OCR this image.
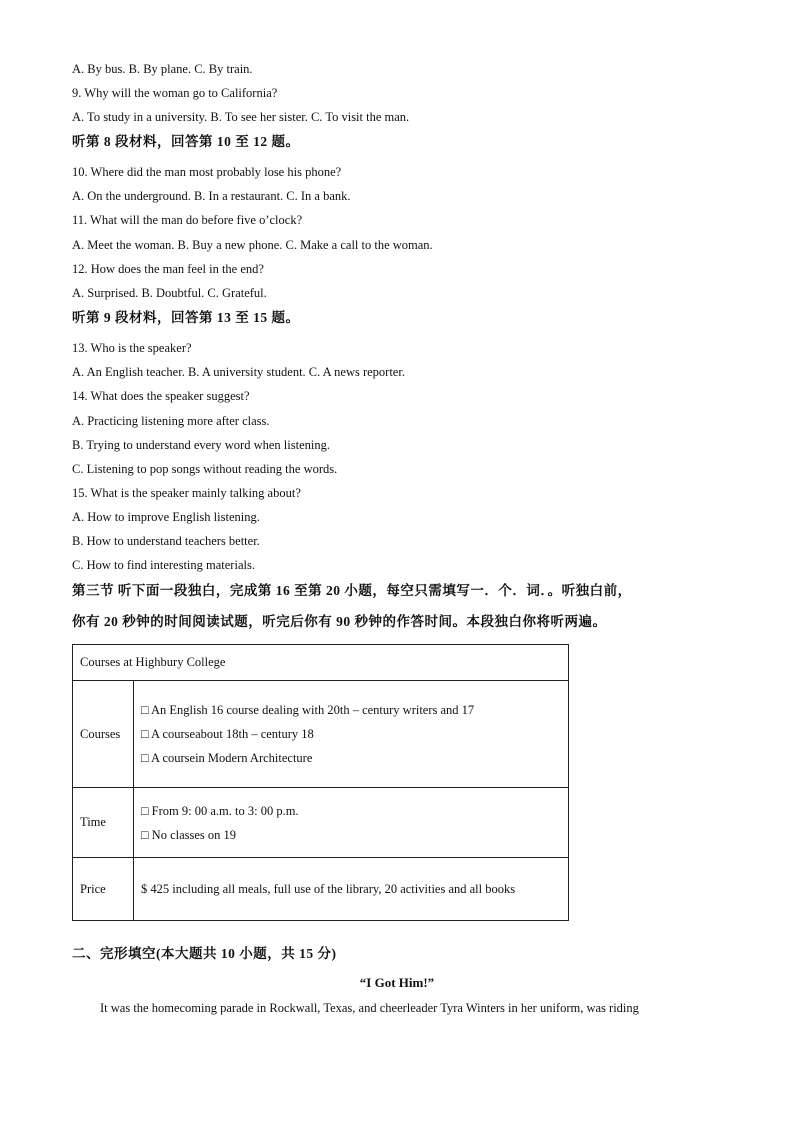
A. By bus. B. By plane. C. By train.
9. Why will the woman go to California?
A. To study in a university. B. To see her sister. C. To visit the man.
听第 8 段材料，回答第 10 至 12 题。
10. Where did the man most probably lose his phone?
A. On the underground. B. In a restaurant. C. In a bank.
11. What will the man do before five o’clock?
A. Meet the woman. B. Buy a new phone. C. Make a call to the woman.
12. How does the man feel in the end?
A. Surprised. B. Doubtful. C. Grateful.
听第 9 段材料，回答第 13 至 15 题。
13. Who is the speaker?
A. An English teacher. B. A university student. C. A news reporter.
14. What does the speaker suggest?
A. Practicing listening more after class.
B. Trying to understand every word when listening.
C. Listening to pop songs without reading the words.
15. What is the speaker mainly talking about?
A. How to improve English listening.
B. How to understand teachers better.
C. How to find interesting materials.
第三节 听下面一段独白，完成第 16 至第 20 小题，每空只需填写一．个．词．。听独白前，
你有 20 秒钟的时间阅读试题，听完后你有 90 秒钟的作答时间。本段独白你将听两遍。
Courses at Highbury College	
Courses	□ An English 16 course dealing with 20th – century writers and 17
□ A courseabout 18th – century 18
□ A coursein Modern Architecture

Time	□ From 9: 00 a.m. to 3: 00 p.m.
□ No classes on 19

Price	$ 425 including all meals, full use of the library, 20 activities and all books
二、完形填空(本大题共 10 小题，共 15 分)
“I Got Him!”
It was the homecoming parade in Rockwall, Texas, and cheerleader Tyra Winters in her uniform, was riding
